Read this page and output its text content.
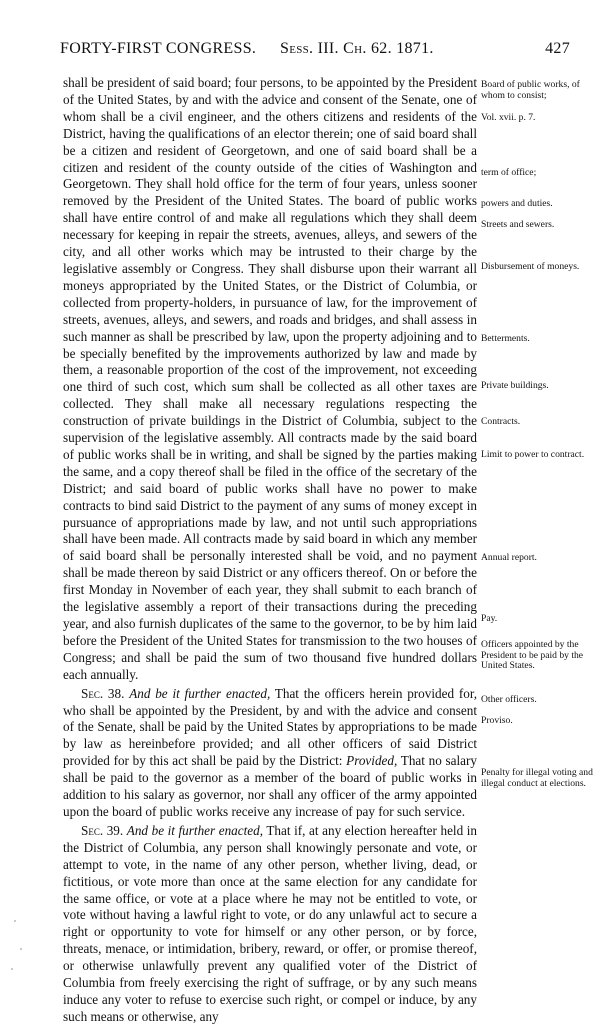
FORTY-FIRST CONGRESS. Sess. III. Ch. 62. 1871.	427

shall be president of said board; four persons, to be appointed by the President of the United States, by and with the advice and consent of the Senate, one of whom shall be a civil engineer, and the others citizens and residents of the District, having the qualifications of an elector therein; one of said board shall be a citizen and resident of Georgetown, and one of said board shall be a citizen and resident of the county outside of the cities of Washington and Georgetown. They shall hold office for the term of four years, unless sooner removed by the President of the United States. The board of public works shall have entire control of and make all regulations which they shall deem necessary for keeping in repair the streets, avenues, alleys, and sewers of the city, and all other works which may be intrusted to their charge by the legislative assembly or Congress. They shall disburse upon their warrant all moneys appropriated by the United States, or the District of Columbia, or collected from property-holders, in pursuance of law, for the improvement of streets, avenues, alleys, and sewers, and roads and bridges, and shall assess in such manner as shall be prescribed by law, upon the property adjoining and to be specially benefited by the improvements authorized by law and made by them, a reasonable proportion of the cost of the improvement, not exceeding one third of such cost, which sum shall be collected as all other taxes are collected. They shall make all necessary regulations respecting the construction of private buildings in the District of Columbia, subject to the supervision of the legislative assembly. All contracts made by the said board of public works shall be in writing, and shall be signed by the parties making the same, and a copy thereof shall be filed in the office of the secretary of the District; and said board of public works shall have no power to make contracts to bind said District to the payment of any sums of money except in pursuance of appropriations made by law, and not until such appropriations shall have been made. All contracts made by said board in which any member of said board shall be personally interested shall be void, and no payment shall be made thereon by said District or any officers thereof. On or before the first Monday in November of each year, they shall submit to each branch of the legislative assembly a report of their transactions during the preceding year, and also furnish duplicates of the same to the governor, to be by him laid before the President of the United States for transmission to the two houses of Congress; and shall be paid the sum of two thousand five hundred dollars each annually.

Sec. 38. And be it further enacted, That the officers herein provided for, who shall be appointed by the President, by and with the advice and consent of the Senate, shall be paid by the United States by appropriations to be made by law as hereinbefore provided; and all other officers of said District provided for by this act shall be paid by the District: Provided, That no salary shall be paid to the governor as a member of the board of public works in addition to his salary as governor, nor shall any officer of the army appointed upon the board of public works receive any increase of pay for such service.

Sec. 39. And be it further enacted, That if, at any election hereafter held in the District of Columbia, any person shall knowingly personate and vote, or attempt to vote, in the name of any other person, whether living, dead, or fictitious, or vote more than once at the same election for any candidate for the same office, or vote at a place where he may not be entitled to vote, or vote without having a lawful right to vote, or do any unlawful act to secure a right or opportunity to vote for himself or any other person, or by force, threats, menace, or intimidation, bribery, reward, or offer, or promise thereof, or otherwise unlawfully prevent any qualified voter of the District of Columbia from freely exercising the right of suffrage, or by any such means induce any voter to refuse to exercise such right, or compel or induce, by any such means or otherwise, any

Board of public works, of whom to consist;
Vol. xvii. p. 7.
term of office;
powers and duties.
Streets and sewers.
Disbursement of moneys.
Betterments.
Private buildings.
Contracts.
Limit to power to contract.
Annual report.
Pay.
Officers appointed by the President to be paid by the United States.
Other officers.
Proviso.
Penalty for illegal voting and illegal conduct at elections.
